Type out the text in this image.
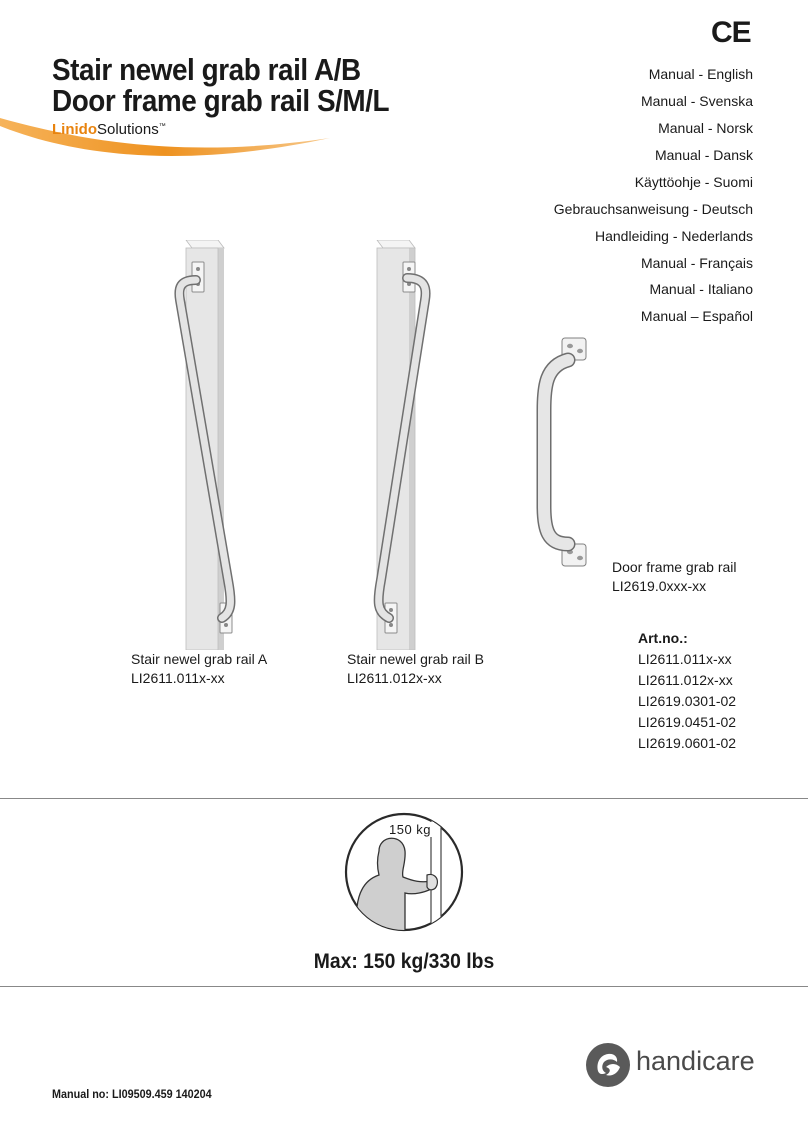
Stair newel grab rail A/B
Door frame grab rail S/M/L
LinidoSolutions™
CE
Manual - English
Manual - Svenska
Manual - Norsk
Manual - Dansk
Käyttöohje - Suomi
Gebrauchsanweisung - Deutsch
Handleiding - Nederlands
Manual - Français
Manual - Italiano
Manual – Español
Stair newel grab rail A
LI2611.011x-xx
Stair newel grab rail B
LI2611.012x-xx
Door frame grab rail
LI2619.0xxx-xx
Art.no.:
LI2611.011x-xx
LI2611.012x-xx
LI2619.0301-02
LI2619.0451-02
LI2619.0601-02
150 kg
Max: 150 kg/330 lbs
Manual no: LI09509.459 140204
handicare
